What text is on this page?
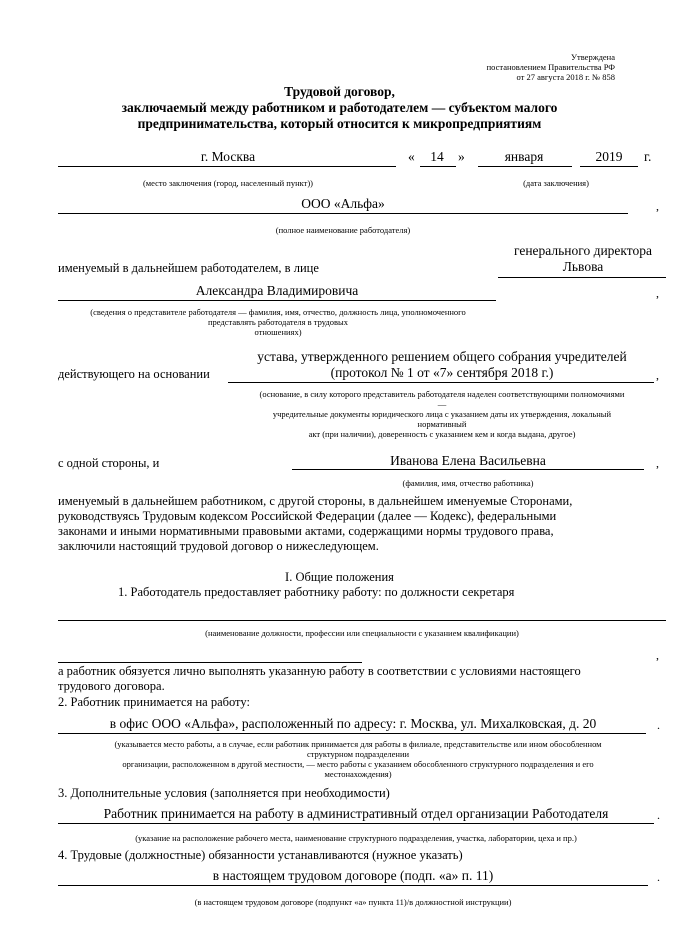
Утверждена
постановлением Правительства РФ
от 27 августа 2018 г. № 858
Трудовой договор,
заключаемый между работником и работодателем — субъектом малого
предпринимательства, который относится к микропредприятиям
г. Москва	«	14	»	января	2019	г.
(место заключения (город, населенный пункт))	(дата заключения)
ООО «Альфа»	,
(полное наименование работодателя)
именуемый в дальнейшем работодателем, в лице
генерального директора
Львова
Александра Владимировича	,
(сведения о представителе работодателя — фамилия, имя, отчество, должность лица, уполномоченного
представлять работодателя в трудовых
отношениях)
действующего на основании
устава, утвержденного решением общего собрания учредителей
(протокол № 1 от «7» сентября 2018 г.)	,
(основание, в силу которого представитель работодателя наделен соответствующими полномочиями
—
учредительные документы юридического лица с указанием даты их утверждения, локальный
нормативный
акт (при наличии), доверенность с указанием кем и когда выдана, другое)
с одной стороны, и	Иванова Елена Васильевна	,
(фамилия, имя, отчество работника)
именуемый в дальнейшем работником, с другой стороны, в дальнейшем именуемые Сторонами,
руководствуясь Трудовым кодексом Российской Федерации (далее — Кодекс), федеральными
законами и иными нормативными правовыми актами, содержащими нормы трудового права,
заключили настоящий трудовой договор о нижеследующем.
I. Общие положения
1. Работодатель предоставляет работнику работу: по должности секретаря
(наименование должности, профессии или специальности с указанием квалификации)
,
а работник обязуется лично выполнять указанную работу в соответствии с условиями настоящего
трудового договора.
2. Работник принимается на работу:
в офис ООО «Альфа», расположенный по адресу: г. Москва, ул. Михалковская, д. 20	.
(указывается место работы, а в случае, если работник принимается для работы в филиале, представительстве или ином обособленном
структурном подразделении
организации, расположенном в другой местности, — место работы с указанием обособленного структурного подразделения и его
местонахождения)
3. Дополнительные условия (заполняется при необходимости)
Работник принимается на работу в административный отдел организации Работодателя	.
(указание на расположение рабочего места, наименование структурного подразделения, участка, лаборатории, цеха и пр.)
4. Трудовые (должностные) обязанности устанавливаются (нужное указать)
в настоящем трудовом договоре (подп. «а» п. 11)	.
(в настоящем трудовом договоре (подпункт «а» пункта 11)/в должностной инструкции)
